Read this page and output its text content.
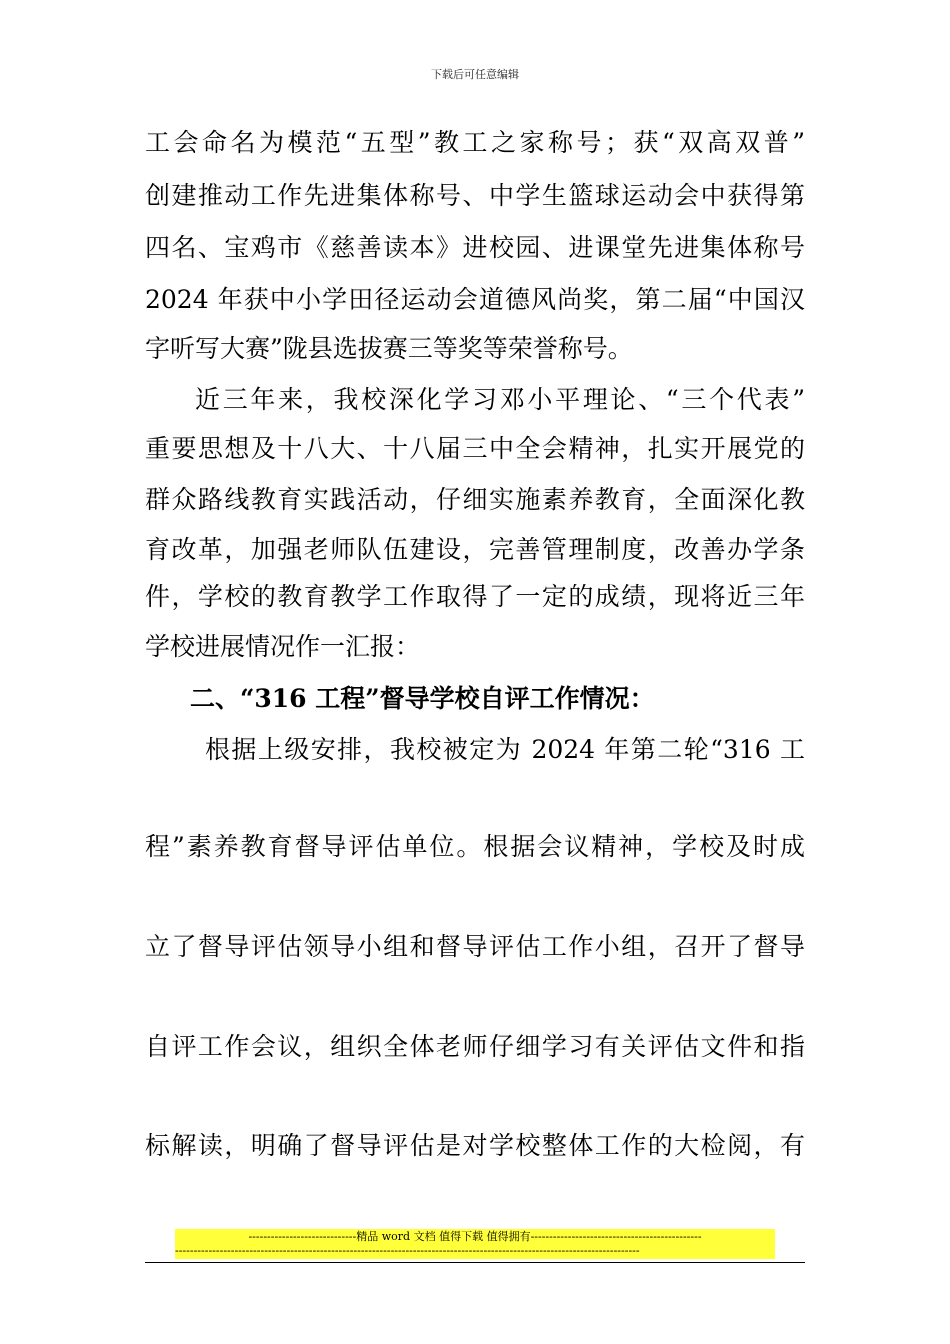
下载后可任意编辑
工会命名为模范“五型”教工之家称号；获“双高双普”
创建推动工作先进集体称号、中学生篮球运动会中获得第
四名、宝鸡市《慈善读本》进校园、进课堂先进集体称号
2024 年获中小学田径运动会道德风尚奖，第二届“中国汉
字听写大赛”陇县选拔赛三等奖等荣誉称号。
近三年来，我校深化学习邓小平理论、“三个代表”
重要思想及十八大、十八届三中全会精神，扎实开展党的
群众路线教育实践活动，仔细实施素养教育，全面深化教
育改革，加强老师队伍建设，完善管理制度，改善办学条
件，学校的教育教学工作取得了一定的成绩，现将近三年
学校进展情况作一汇报：
二、“316 工程”督导学校自评工作情况：
根据上级安排，我校被定为 2024 年第二轮“316 工
程”素养教育督导评估单位。根据会议精神，学校及时成
立了督导评估领导小组和督导评估工作小组，召开了督导
自评工作会议，组织全体老师仔细学习有关评估文件和指
标解读，明确了督导评估是对学校整体工作的大检阅，有
-----------------------------精品 word 文档 值得下载 值得拥有----------------------------------------------
-----------------------------------------------------------------------------------------------------------------------------
